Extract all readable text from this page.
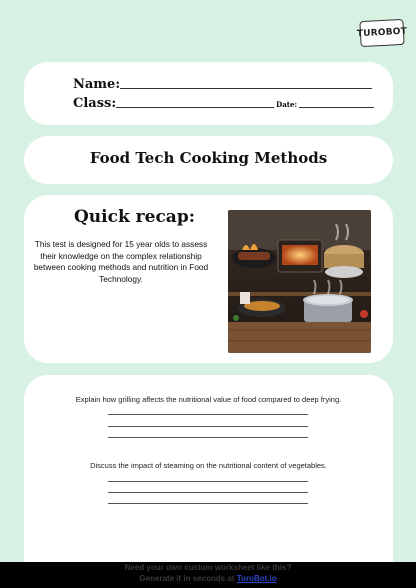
TUROBOT
Name:
Class:	Date:
Food Tech Cooking Methods
Quick recap:
This test is designed for 15 year olds to assess their knowledge on the complex relationship between cooking methods and nutrition in Food Technology.
Explain how grilling affects the nutritional value of food compared to deep frying.
Discuss the impact of steaming on the nutritional content of vegetables.
Need your own custom worksheet like this?
Generate it in seconds at TuroBot.io
